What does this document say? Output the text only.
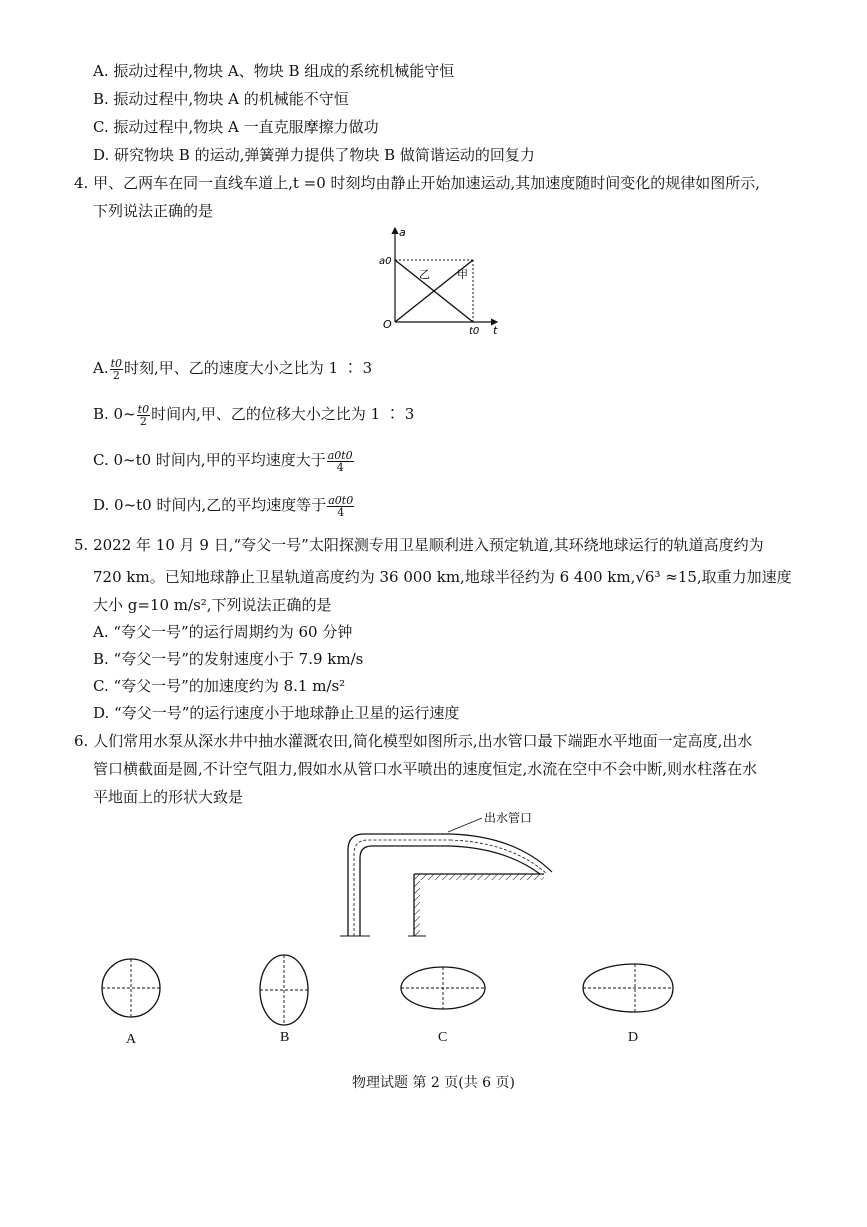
A. 振动过程中,物块 A、物块 B 组成的系统机械能守恒
B. 振动过程中,物块 A 的机械能不守恒
C. 振动过程中,物块 A 一直克服摩擦力做功
D. 研究物块 B 的运动,弹簧弹力提供了物块 B 做简谐运动的回复力
4. 甲、乙两车在同一直线车道上,t =0 时刻均由静止开始加速运动,其加速度随时间变化的规律如图所示,
下列说法正确的是
a
t
O
a0
t0
乙 甲
A. $\frac{t0}{2}$ 时刻,甲、乙的速度大小之比为 1 ∶ 3
B. 0~ $\frac{t0}{2}$ 时间内,甲、乙的位移大小之比为 1 ∶ 3
C. 0~t0 时间内,甲的平均速度大于 $\frac{a0t0}{4}$
D. 0~t0 时间内,乙的平均速度等于 $\frac{a0t0}{4}$
5. 2022 年 10 月 9 日,“夸父一号”太阳探测专用卫星顺利进入预定轨道,其环绕地球运行的轨道高度约为
720 km。已知地球静止卫星轨道高度约为 36 000 km,地球半径约为 6 400 km,√6³ ≈15,取重力加速度
大小 g=10 m/s²,下列说法正确的是
A. “夸父一号”的运行周期约为 60 分钟
B. “夸父一号”的发射速度小于 7.9 km/s
C. “夸父一号”的加速度约为 8.1 m/s²
D. “夸父一号”的运行速度小于地球静止卫星的运行速度
6. 人们常用水泵从深水井中抽水灌溉农田,简化模型如图所示,出水管口最下端距水平地面一定高度,出水
管口横截面是圆,不计空气阻力,假如水从管口水平喷出的速度恒定,水流在空中不会中断,则水柱落在水
平地面上的形状大致是
出水管口
A	B	C	D
物理试题 第 2 页(共 6 页)
